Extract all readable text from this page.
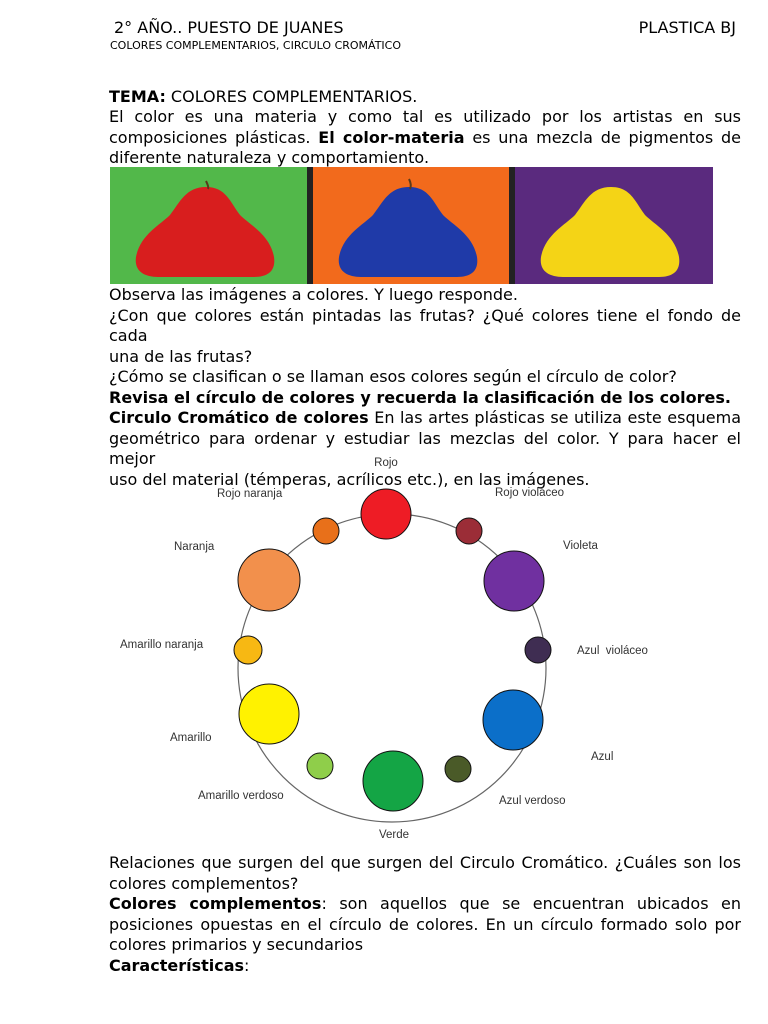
2° AÑO.. PUESTO DE JUANES	PLASTICA BJ
COLORES COMPLEMENTARIOS, CIRCULO CROMÁTICO
TEMA: COLORES COMPLEMENTARIOS.
El color es una materia y como tal es utilizado por los artistas en sus
composiciones plásticas. El color-materia es una mezcla de pigmentos de
diferente naturaleza y comportamiento.
Observa las imágenes a colores. Y luego responde.
¿Con que colores están pintadas las frutas? ¿Qué colores tiene el fondo de cada
una de las frutas?
¿Cómo se clasifican o se llaman esos colores según el círculo de color?
Revisa el círculo de colores y recuerda la clasificación de los colores.
Circulo Cromático de colores En las artes plásticas se utiliza este esquema
geométrico para ordenar y estudiar las mezclas del color. Y para hacer el mejor
uso del material (témperas, acrílicos etc.), en las imágenes.
Rojo
Rojo violáceo
Violeta
Azul  violáceo
Azul
Azul verdoso
Verde
Amarillo verdoso
Amarillo
Amarillo naranja
Naranja
Rojo naranja
Relaciones que surgen del que surgen del Circulo Cromático. ¿Cuáles son los
colores complementos?
Colores complementos: son aquellos que se encuentran ubicados en
posiciones opuestas en el círculo de colores. En un círculo formado solo por
colores primarios y secundarios
Características:
